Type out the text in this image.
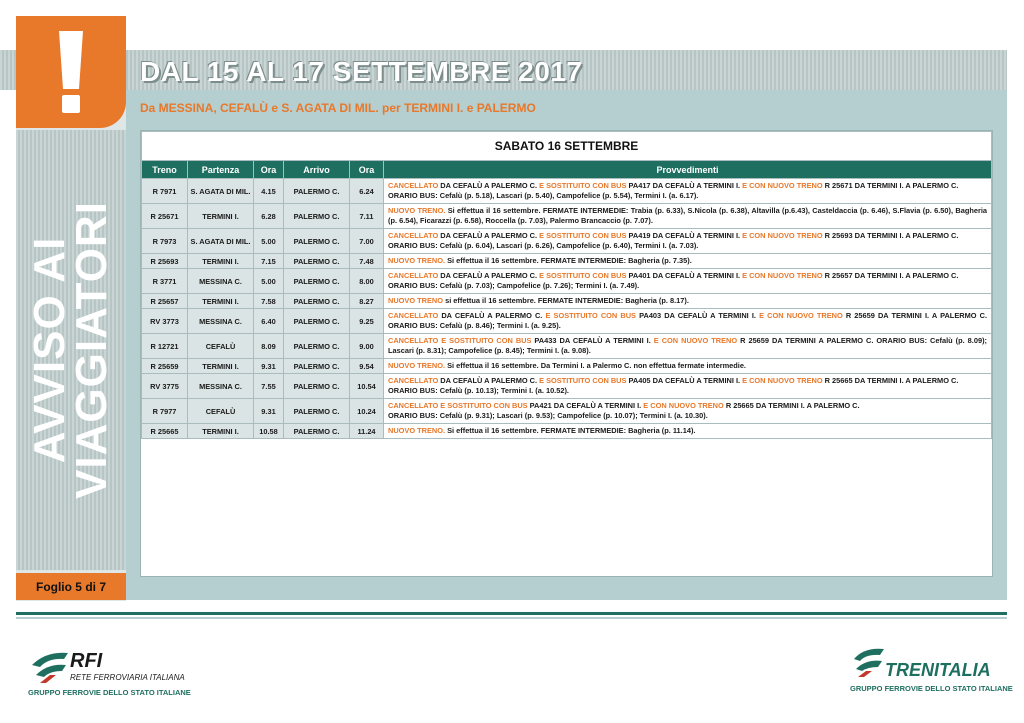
AVVISO AI
VIAGGIATORI
Foglio 5 di 7
DAL 15 AL 17 SETTEMBRE 2017
Da MESSINA, CEFALÙ e S. AGATA DI MIL. per TERMINI I. e PALERMO
SABATO 16 SETTEMBRE					
Treno	Partenza	Ora	Arrivo	Ora	Provvedimenti
R 7971	S. AGATA DI MIL.	4.15	PALERMO C.	6.24	CANCELLATO DA CEFALÙ A PALERMO C. E SOSTITUITO CON BUS PA417 DA CEFALÙ A TERMINI I. E CON NUOVO TRENO R 25671 DA TERMINI I. A PALERMO C.
ORARIO BUS: Cefalù (p. 5.18), Lascari (p. 5.40), Campofelice (p. 5.54), Termini I. (a. 6.17).
R 25671	TERMINI I.	6.28	PALERMO C.	7.11	NUOVO TRENO. Si effettua il 16 settembre. FERMATE INTERMEDIE: Trabia (p. 6.33), S.Nicola (p. 6.38), Altavilla (p.6.43), Casteldaccia (p. 6.46), S.Flavia (p. 6.50), Bagheria (p. 6.54), Ficarazzi (p. 6.58), Roccella (p. 7.03), Palermo Brancaccio (p. 7.07).
R 7973	S. AGATA DI MIL.	5.00	PALERMO C.	7.00	CANCELLATO DA CEFALÙ A PALERMO C. E SOSTITUITO CON BUS PA419 DA CEFALÙ A TERMINI I. E CON NUOVO TRENO R 25693 DA TERMINI I. A PALERMO C.
ORARIO BUS: Cefalù (p. 6.04), Lascari (p. 6.26), Campofelice (p. 6.40), Termini I. (a. 7.03).
R 25693	TERMINI I.	7.15	PALERMO C.	7.48	NUOVO TRENO. Si effettua il 16 settembre. FERMATE INTERMEDIE: Bagheria (p. 7.35).
R 3771	MESSINA C.	5.00	PALERMO C.	8.00	CANCELLATO DA CEFALÙ A PALERMO C. E SOSTITUITO CON BUS PA401 DA CEFALÙ A TERMINI I. E CON NUOVO TRENO R 25657 DA TERMINI I. A PALERMO C.
ORARIO BUS: Cefalù (p. 7.03); Campofelice (p. 7.26); Termini I. (a. 7.49).
R 25657	TERMINI I.	7.58	PALERMO C.	8.27	NUOVO TRENO si effettua il 16 settembre. FERMATE INTERMEDIE: Bagheria (p. 8.17).
RV 3773	MESSINA C.	6.40	PALERMO C.	9.25	CANCELLATO DA CEFALÙ A PALERMO C. E SOSTITUITO CON BUS PA403 DA CEFALÙ A TERMINI I. E CON NUOVO TRENO R 25659 DA TERMINI I. A PALERMO C. ORARIO BUS: Cefalù (p. 8.46); Termini I. (a. 9.25).
R 12721	CEFALÙ	8.09	PALERMO C.	9.00	CANCELLATO E SOSTITUITO CON BUS PA433 DA CEFALÙ A TERMINI I. E CON NUOVO TRENO R 25659 DA TERMINI A PALERMO C. ORARIO BUS: Cefalù (p. 8.09); Lascari (p. 8.31); Campofelice (p. 8.45); Termini I. (a. 9.08).
R 25659	TERMINI I.	9.31	PALERMO C.	9.54	NUOVO TRENO. Si effettua il 16 settembre. Da Termini I. a Palermo C. non effettua fermate intermedie.
RV 3775	MESSINA C.	7.55	PALERMO C.	10.54	CANCELLATO DA CEFALÙ A PALERMO C. E SOSTITUITO CON BUS PA405 DA CEFALÙ A TERMINI I. E CON NUOVO TRENO R 25665 DA TERMINI I. A PALERMO C.
ORARIO BUS: Cefalù (p. 10.13); Termini I. (a. 10.52).
R 7977	CEFALÙ	9.31	PALERMO C.	10.24	CANCELLATO E SOSTITUITO CON BUS PA421 DA CEFALÙ A TERMINI I. E CON NUOVO TRENO R 25665 DA TERMINI I. A PALERMO C.
ORARIO BUS: Cefalù (p. 9.31); Lascari (p. 9.53); Campofelice (p. 10.07); Termini I. (a. 10.30).
R 25665	TERMINI I.	10.58	PALERMO C.	11.24	NUOVO TRENO. Si effettua il 16 settembre. FERMATE INTERMEDIE: Bagheria (p. 11.14).
RFI
RETE FERROVIARIA ITALIANA
GRUPPO FERROVIE DELLO STATO ITALIANE
TRENITALIA
GRUPPO FERROVIE DELLO STATO ITALIANE
